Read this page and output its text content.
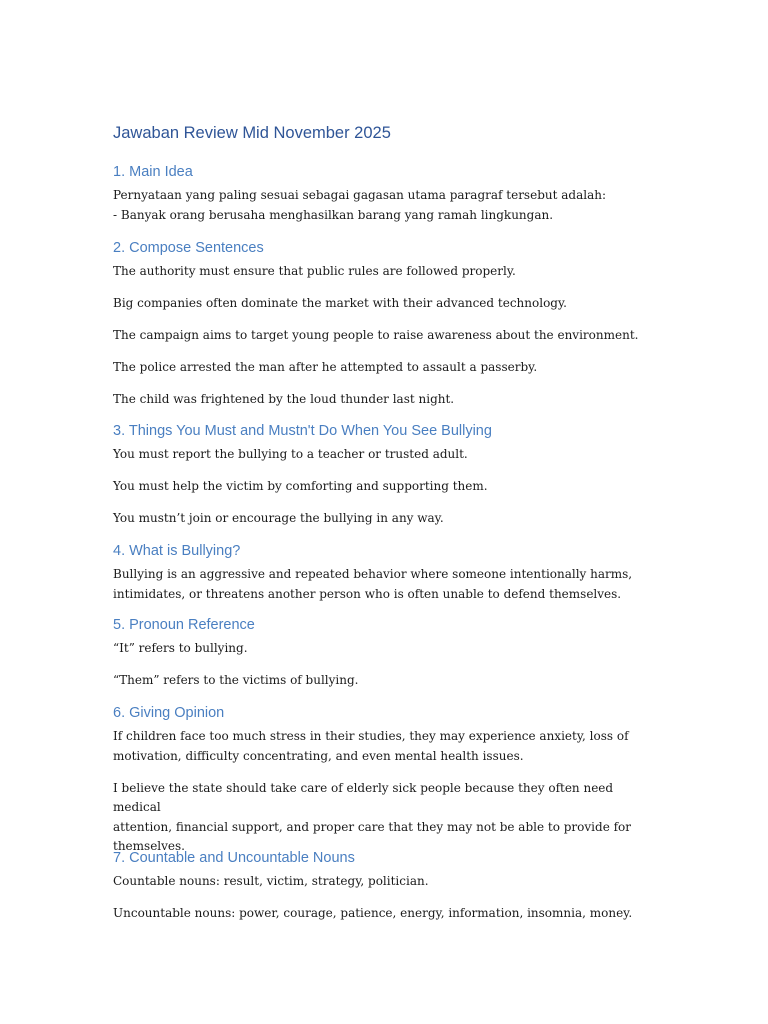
Jawaban Review Mid November 2025
1. Main Idea

Pernyataan yang paling sesuai sebagai gagasan utama paragraf tersebut adalah:
- Banyak orang berusaha menghasilkan barang yang ramah lingkungan.

2. Compose Sentences

The authority must ensure that public rules are followed properly.

Big companies often dominate the market with their advanced technology.

The campaign aims to target young people to raise awareness about the environment.

The police arrested the man after he attempted to assault a passerby.

The child was frightened by the loud thunder last night.

3. Things You Must and Mustn't Do When You See Bullying

You must report the bullying to a teacher or trusted adult.

You must help the victim by comforting and supporting them.

You mustn’t join or encourage the bullying in any way.

4. What is Bullying?

Bullying is an aggressive and repeated behavior where someone intentionally harms,
intimidates, or threatens another person who is often unable to defend themselves.

5. Pronoun Reference

“It” refers to bullying.

“Them” refers to the victims of bullying.

6. Giving Opinion

If children face too much stress in their studies, they may experience anxiety, loss of
motivation, difficulty concentrating, and even mental health issues.

I believe the state should take care of elderly sick people because they often need medical
attention, financial support, and proper care that they may not be able to provide for
themselves.

7. Countable and Uncountable Nouns

Countable nouns: result, victim, strategy, politician.

Uncountable nouns: power, courage, patience, energy, information, insomnia, money.
